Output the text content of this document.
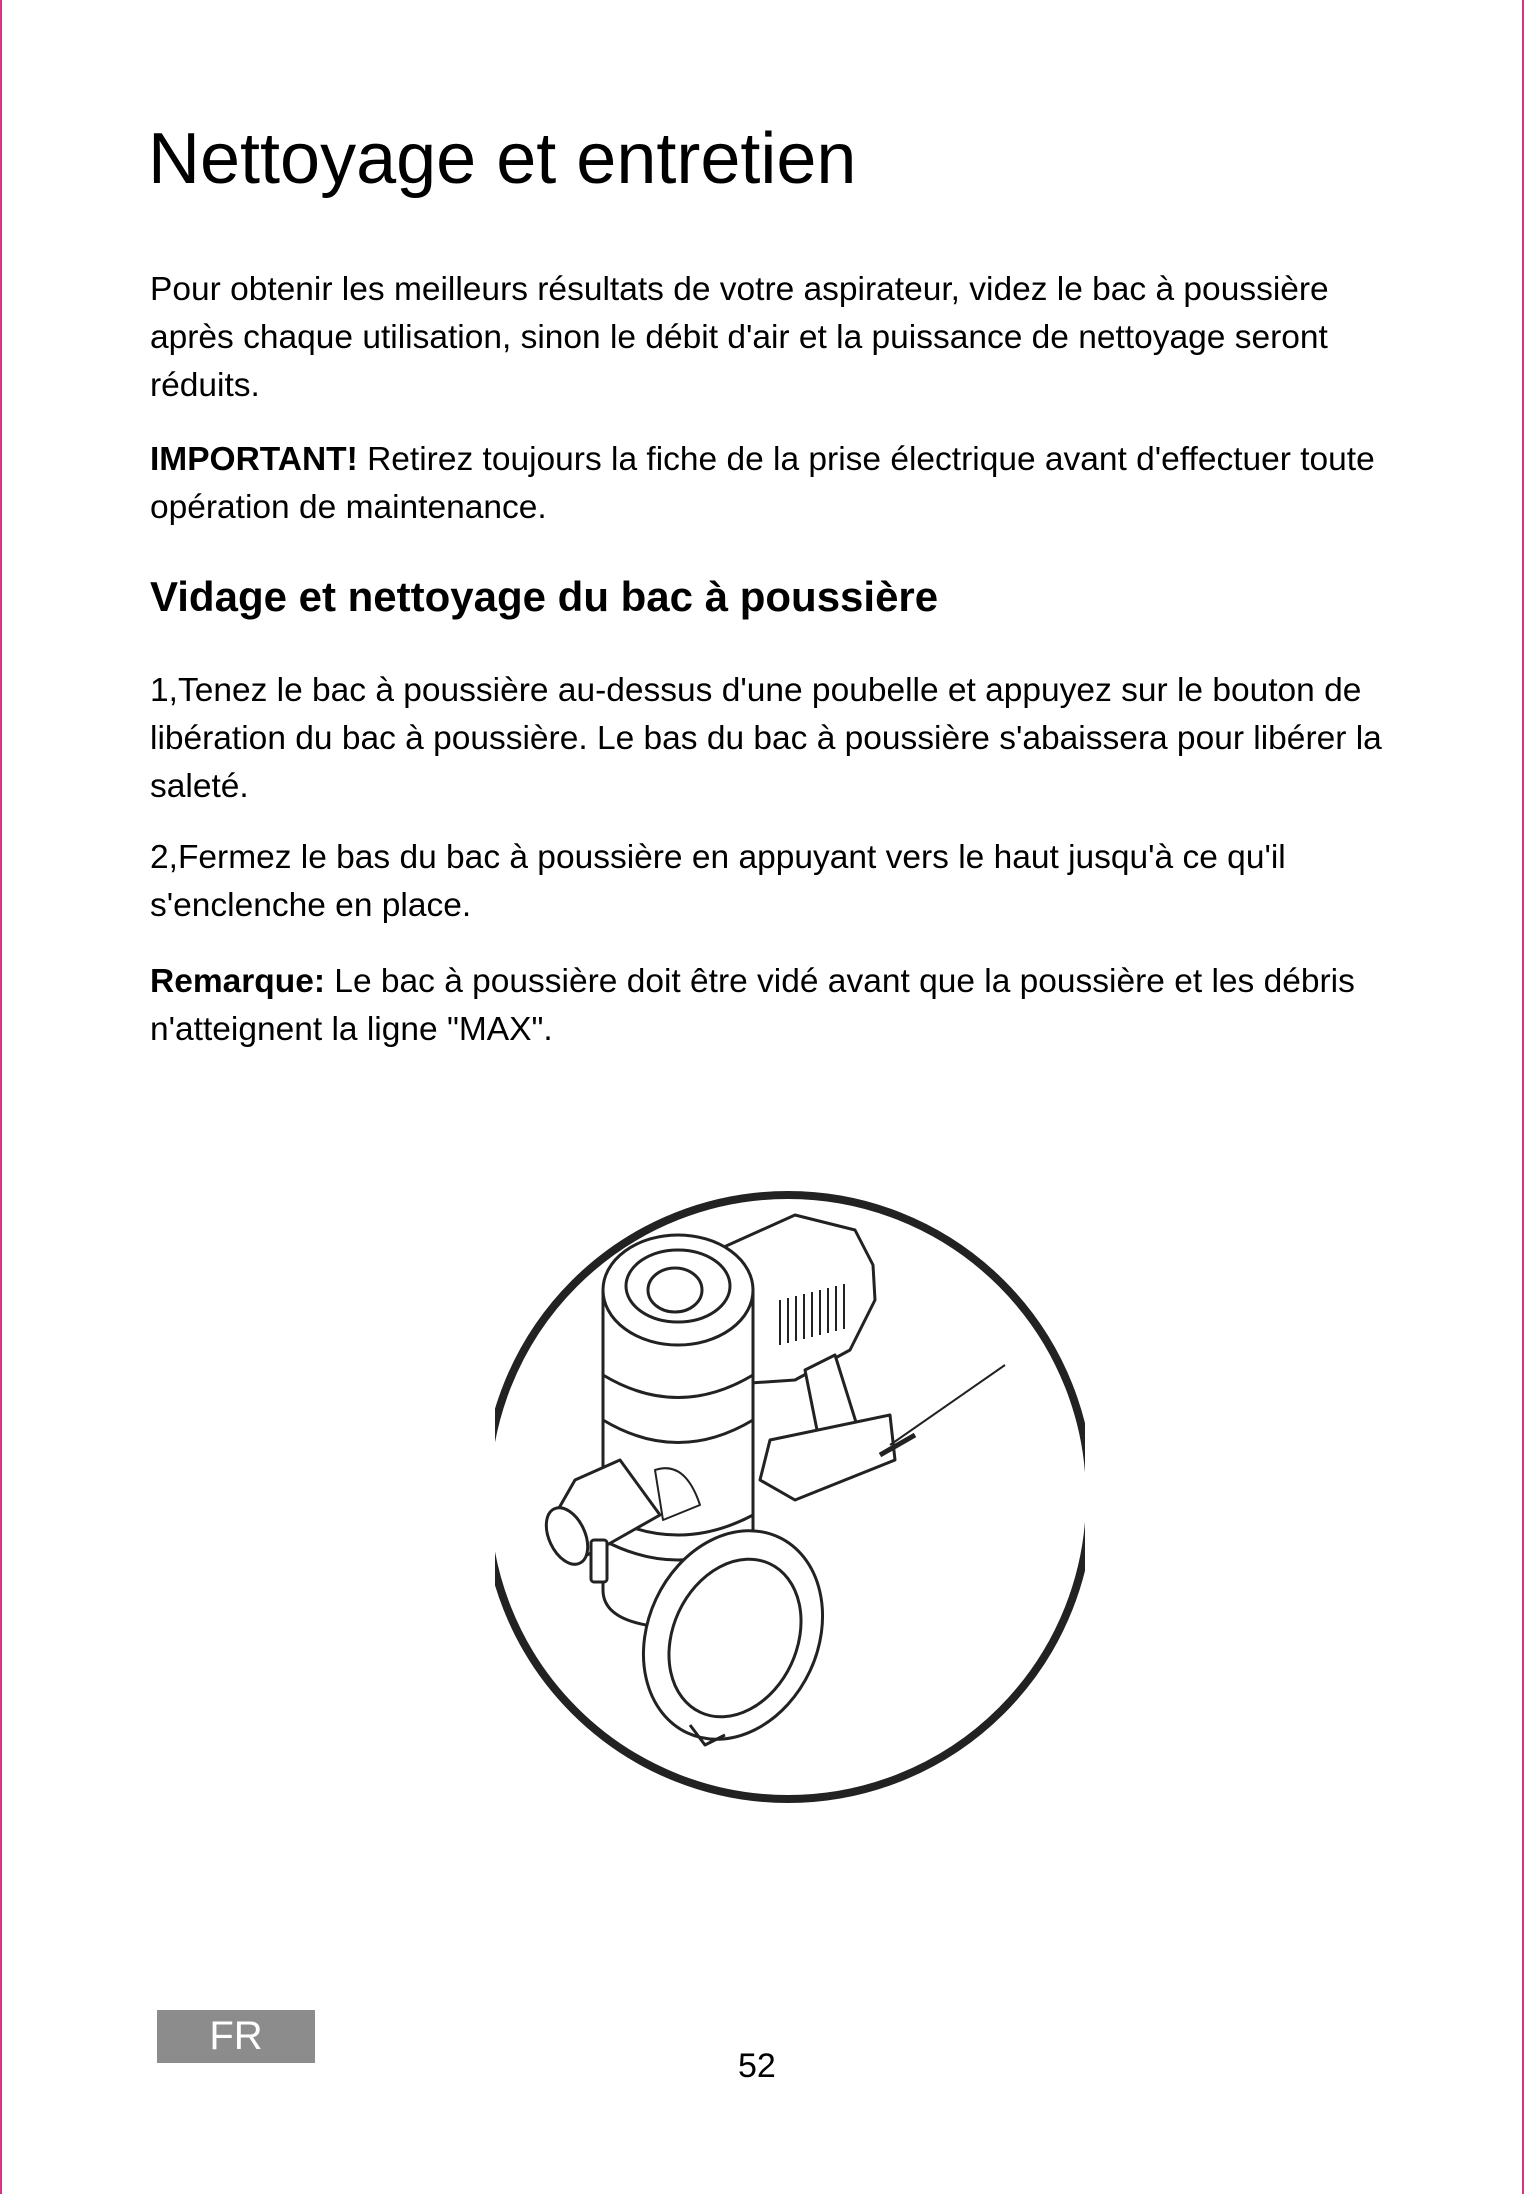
Nettoyage et entretien

Pour obtenir les meilleurs résultats de votre aspirateur, videz le bac à poussière après chaque utilisation, sinon le débit d'air et la puissance de nettoyage seront réduits.

IMPORTANT! Retirez toujours la fiche de la prise électrique avant d'effectuer toute opération de maintenance.

Vidage et nettoyage du bac à poussière

1,Tenez le bac à poussière au-dessus d'une poubelle et appuyez sur le bouton de libération du bac à poussière. Le bas du bac à poussière s'abaissera pour libérer la saleté.

2,Fermez le bas du bac à poussière en appuyant vers le haut jusqu'à ce qu'il s'enclenche en place.

Remarque: Le bac à poussière doit être vidé avant que la poussière et les débris n'atteignent la ligne "MAX".

FR
52
